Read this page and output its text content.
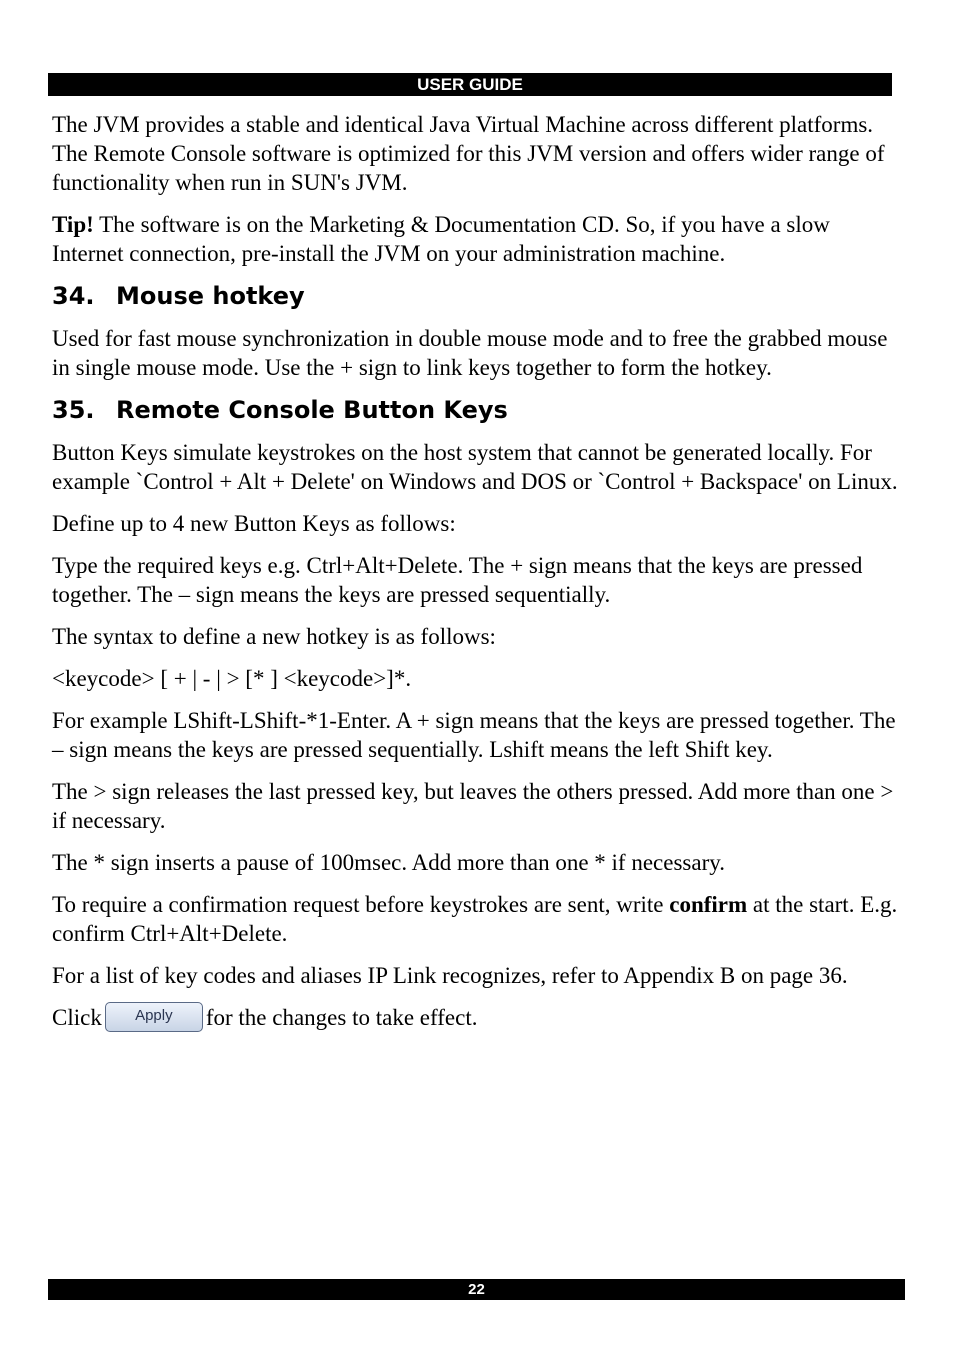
USER GUIDE

The JVM provides a stable and identical Java Virtual Machine across different platforms. The Remote Console software is optimized for this JVM version and offers wider range of functionality when run in SUN's JVM.

Tip! The software is on the Marketing & Documentation CD. So, if you have a slow Internet connection, pre-install the JVM on your administration machine.

34. Mouse hotkey

Used for fast mouse synchronization in double mouse mode and to free the grabbed mouse in single mouse mode. Use the + sign to link keys together to form the hotkey.

35. Remote Console Button Keys

Button Keys simulate keystrokes on the host system that cannot be generated locally. For example `Control + Alt + Delete' on Windows and DOS or `Control + Backspace' on Linux.

Define up to 4 new Button Keys as follows:

Type the required keys e.g. Ctrl+Alt+Delete. The + sign means that the keys are pressed together. The – sign means the keys are pressed sequentially.

The syntax to define a new hotkey is as follows:

<keycode> [ + | - | > [* ] <keycode>]*.

For example LShift-LShift-*1-Enter. A + sign means that the keys are pressed together. The – sign means the keys are pressed sequentially. Lshift means the left Shift key.

The > sign releases the last pressed key, but leaves the others pressed. Add more than one > if necessary.

The * sign inserts a pause of 100msec. Add more than one * if necessary.

To require a confirmation request before keystrokes are sent, write confirm at the start. E.g. confirm Ctrl+Alt+Delete.

For a list of key codes and aliases IP Link recognizes, refer to Appendix B on page 36.

Click Apply for the changes to take effect.

22
